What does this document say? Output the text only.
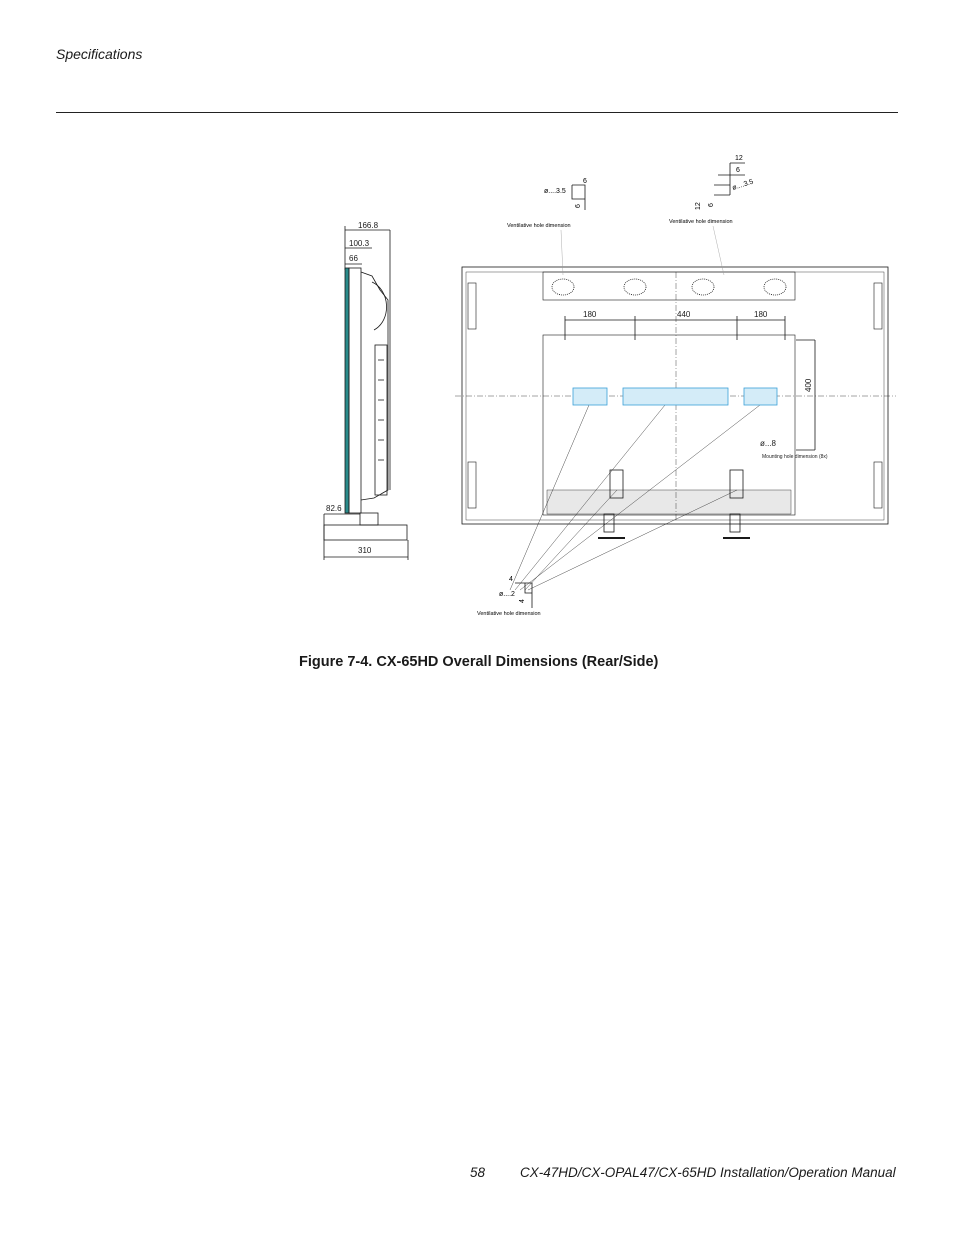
Specifications
166.8
100.3
66
82.6
310
180	440	180
400
ø...8
Mounting hole dimension (8x)
ø....3.5
6
6
Ventilative hole dimension
12
6
12 6
ø....3.5
Ventilative hole dimension
4
ø....2
4
Ventilative hole dimension
Figure 7-4. CX-65HD Overall Dimensions (Rear/Side)
58	CX-47HD/CX-OPAL47/CX-65HD Installation/Operation Manual
